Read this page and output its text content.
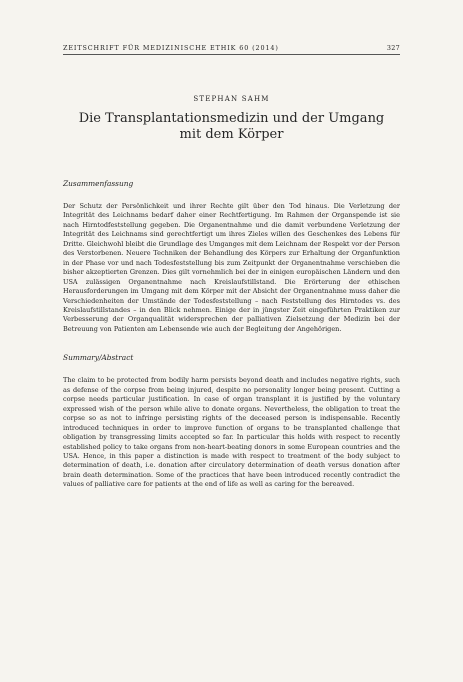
ZEITSCHRIFT FÜR MEDIZINISCHE ETHIK 60 (2014)	327
STEPHAN SAHM
Die Transplantationsmedizin und der Umgang
mit dem Körper
Zusammenfassung

Der Schutz der Persönlichkeit und ihrer Rechte gilt über den Tod hinaus. Die Verletzung der Integrität des Leichnams bedarf daher einer Rechtfertigung. Im Rahmen der Organspende ist sie nach Hirntodfeststellung gegeben. Die Organentnahme und die damit verbundene Verletzung der Integrität des Leichnams sind gerechtfertigt um ihres Zieles willen des Geschenkes des Lebens für Dritte. Gleichwohl bleibt die Grundlage des Umganges mit dem Leichnam der Respekt vor der Person des Verstorbenen. Neuere Techniken der Behandlung des Körpers zur Erhaltung der Organfunktion in der Phase vor und nach Todesfeststellung bis zum Zeitpunkt der Organentnahme verschieben die bisher akzeptierten Grenzen. Dies gilt vornehmlich bei der in einigen europäischen Ländern und den USA zulässigen Organentnahme nach Kreislaufstillstand. Die Erörterung der ethischen Herausforderungen im Umgang mit dem Körper mit der Absicht der Organentnahme muss daher die Verschiedenheiten der Umstände der Todesfeststellung – nach Feststellung des Hirntodes vs. des Kreislaufstillstandes – in den Blick nehmen. Einige der in jüngster Zeit eingeführten Praktiken zur Verbesserung der Organqualität widersprechen der palliativen Zielsetzung der Medizin bei der Betreuung von Patienten am Lebensende wie auch der Begleitung der Angehörigen.

Summary/Abstract

The claim to be protected from bodily harm persists beyond death and includes negative rights, such as defense of the corpse from being injured, despite no personality longer being present. Cutting a corpse needs particular justification. In case of organ transplant it is justified by the voluntary expressed wish of the person while alive to donate organs. Nevertheless, the obligation to treat the corpse so as not to infringe persisting rights of the deceased person is indispensable. Recently introduced techniques in order to improve function of organs to be transplanted challenge that obligation by transgressing limits accepted so far. In particular this holds with respect to recently established policy to take organs from non-heart-beating donors in some European countries and the USA. Hence, in this paper a distinction is made with respect to treatment of the body subject to determination of death, i.e. donation after circulatory determination of death versus donation after brain death determination. Some of the practices that have been introduced recently contradict the values of palliative care for patients at the end of life as well as caring for the bereaved.
